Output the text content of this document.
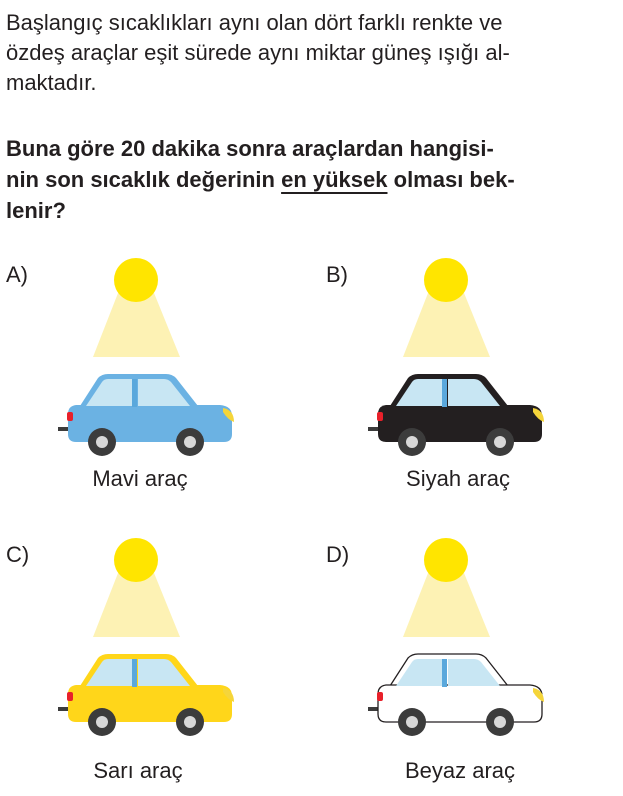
Başlangıç sıcaklıkları aynı olan dört farklı renkte ve
özdeş araçlar eşit sürede aynı miktar güneş ışığı al-
maktadır.
Buna göre 20 dakika sonra araçlardan hangisi-
nin son sıcaklık değerinin en yüksek olması bek-
lenir?
A)
Mavi araç
B)
Siyah araç
C)
Sarı araç
D)
Beyaz araç
